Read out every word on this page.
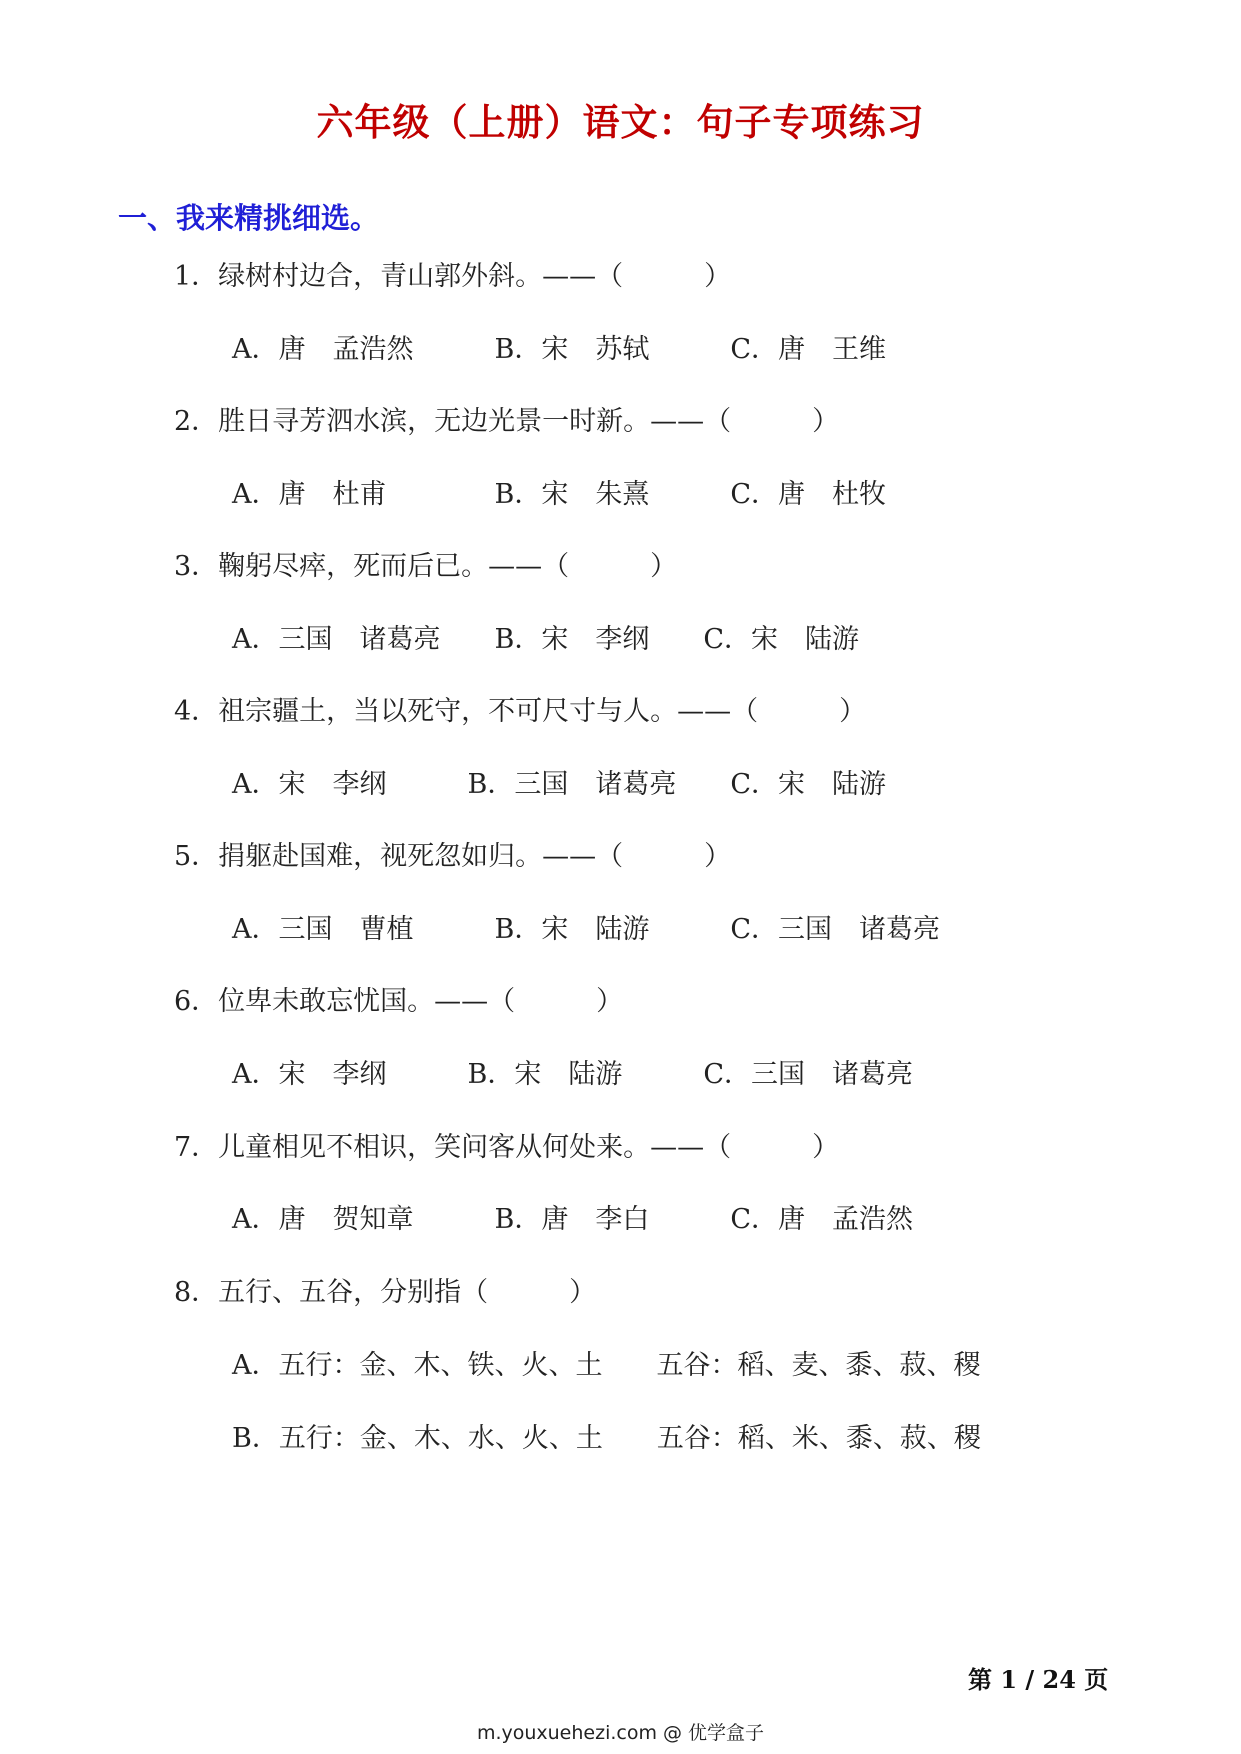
六年级（上册）语文：句子专项练习
一、我来精挑细选。
1．绿树村边合，青山郭外斜。——（　　　）
A．唐　孟浩然　　　B．宋　苏轼　　　C．唐　王维
2．胜日寻芳泗水滨，无边光景一时新。——（　　　）
A．唐　杜甫　　　　B．宋　朱熹　　　C．唐　杜牧
3．鞠躬尽瘁，死而后已。——（　　　）
A．三国　诸葛亮　　B．宋　李纲　　C．宋　陆游
4．祖宗疆土，当以死守，不可尺寸与人。——（　　　）
A．宋　李纲　　　B．三国　诸葛亮　　C．宋　陆游
5．捐躯赴国难，视死忽如归。——（　　　）
A．三国　曹植　　　B．宋　陆游　　　C．三国　诸葛亮
6．位卑未敢忘忧国。——（　　　）
A．宋　李纲　　　B．宋　陆游　　　C．三国　诸葛亮
7．儿童相见不相识，笑问客从何处来。——（　　　）
A．唐　贺知章　　　B．唐　李白　　　C．唐　孟浩然
8．五行、五谷，分别指（　　　）
A．五行：金、木、铁、火、土　　五谷：稻、麦、黍、菽、稷
B．五行：金、木、水、火、土　　五谷：稻、米、黍、菽、稷
第 1 / 24 页
m.youxuehezi.com @ 优学盒子
